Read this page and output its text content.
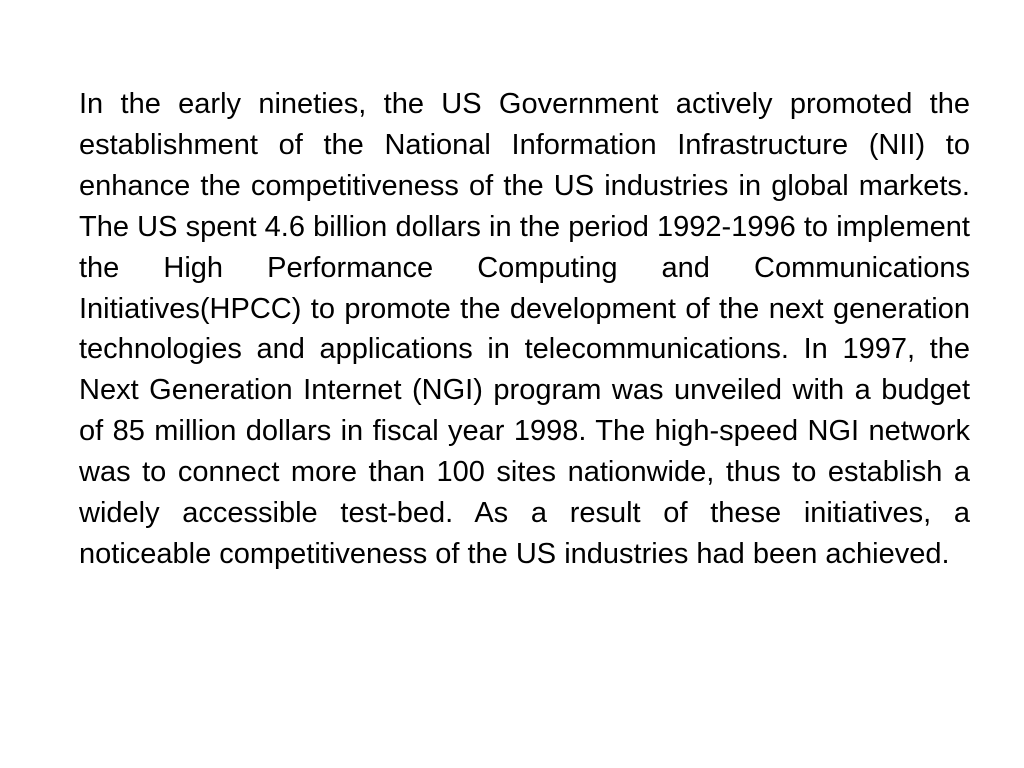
In the early nineties, the US Government actively promoted the establishment of the National Information Infrastructure (NII) to enhance the competitiveness of the US industries in global markets. The US spent 4.6 billion dollars in the period 1992-1996 to implement the High Performance Computing and Communications Initiatives(HPCC) to promote the development of the next generation technologies and applications in telecommunications. In 1997, the Next Generation Internet (NGI) program was unveiled with a budget of 85 million dollars in fiscal year 1998. The high-speed NGI network was to connect more than 100 sites nationwide, thus to establish a widely accessible test-bed. As a result of these initiatives, a noticeable competitiveness of the US industries had been achieved.
